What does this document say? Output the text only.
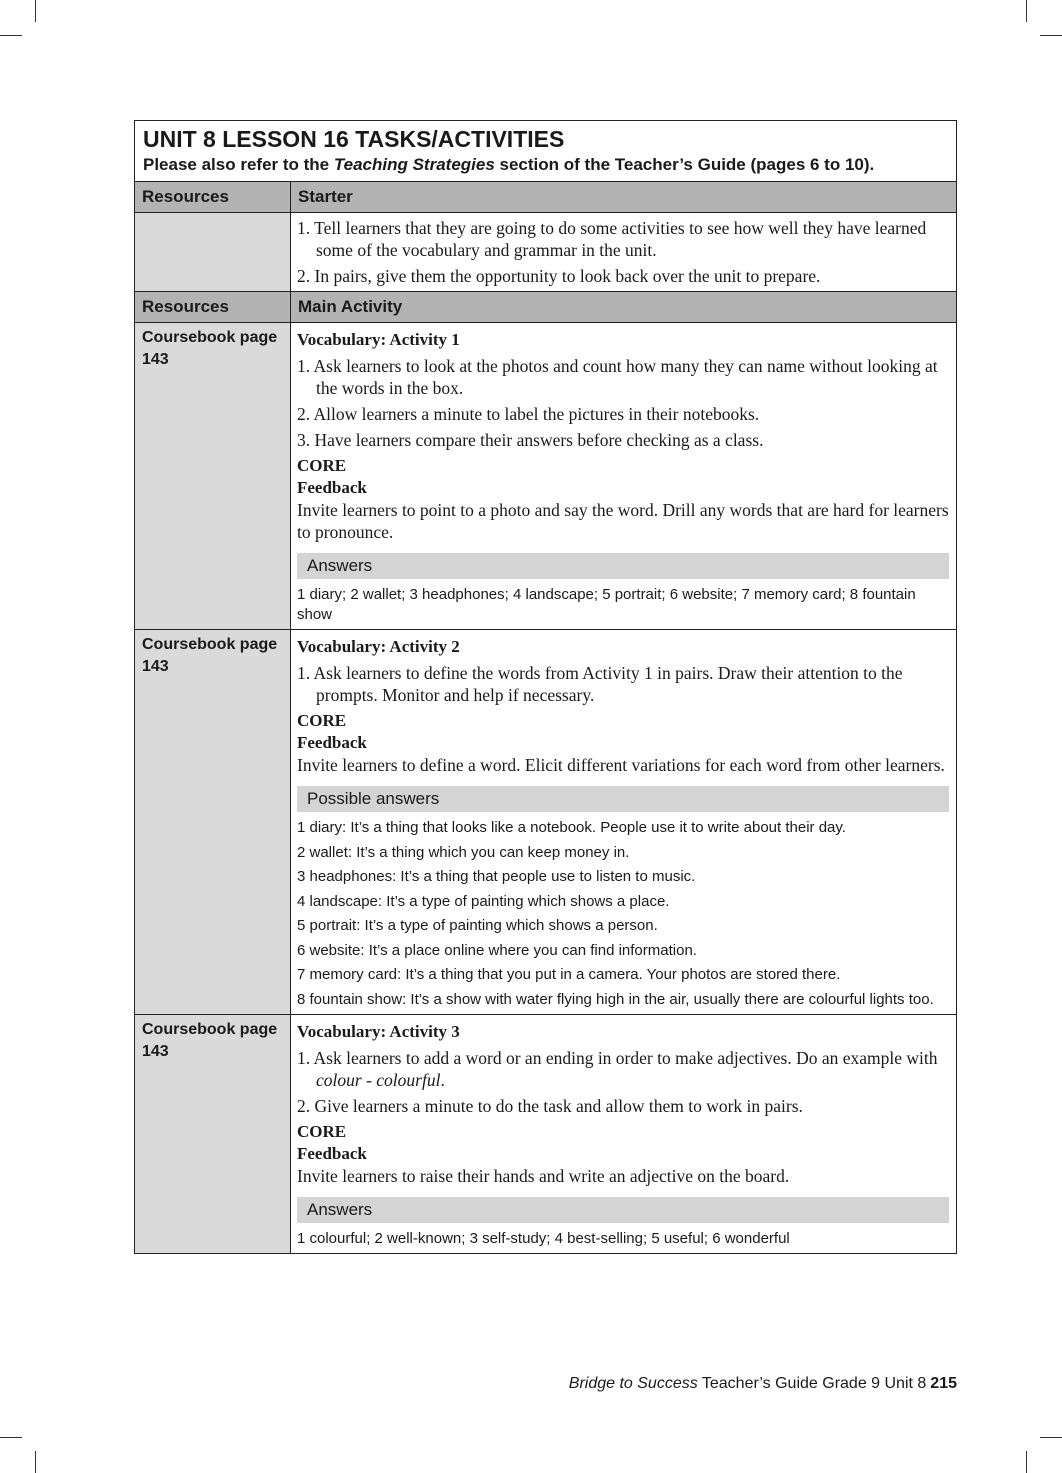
UNIT 8 LESSON 16 TASKS/ACTIVITIES
Please also refer to the Teaching Strategies section of the Teacher’s Guide (pages 6 to 10).
Resources	Starter
1. Tell learners that they are going to do some activities to see how well they have learned some of the vocabulary and grammar in the unit.
2. In pairs, give them the opportunity to look back over the unit to prepare.
Resources	Main Activity
Coursebook page 143
Vocabulary: Activity 1
1. Ask learners to look at the photos and count how many they can name without looking at the words in the box.
2. Allow learners a minute to label the pictures in their notebooks.
3. Have learners compare their answers before checking as a class.
CORE
Feedback
Invite learners to point to a photo and say the word. Drill any words that are hard for learners to pronounce.
Answers
1 diary; 2 wallet; 3 headphones; 4 landscape; 5 portrait; 6 website; 7 memory card; 8 fountain show
Coursebook page 143
Vocabulary: Activity 2
1. Ask learners to define the words from Activity 1 in pairs. Draw their attention to the prompts. Monitor and help if necessary.
CORE
Feedback
Invite learners to define a word. Elicit different variations for each word from other learners.
Possible answers
1 diary: It’s a thing that looks like a notebook. People use it to write about their day.
2 wallet: It’s a thing which you can keep money in.
3 headphones: It’s a thing that people use to listen to music.
4 landscape: It’s a type of painting which shows a place.
5 portrait: It’s a type of painting which shows a person.
6 website: It’s a place online where you can find information.
7 memory card: It’s a thing that you put in a camera. Your photos are stored there.
8 fountain show: It’s a show with water flying high in the air, usually there are colourful lights too.
Coursebook page 143
Vocabulary: Activity 3
1. Ask learners to add a word or an ending in order to make adjectives. Do an example with colour - colourful.
2. Give learners a minute to do the task and allow them to work in pairs.
CORE
Feedback
Invite learners to raise their hands and write an adjective on the board.
Answers
1 colourful; 2 well-known; 3 self-study; 4 best-selling; 5 useful; 6 wonderful
Bridge to Success Teacher’s Guide Grade 9 Unit 8 215
